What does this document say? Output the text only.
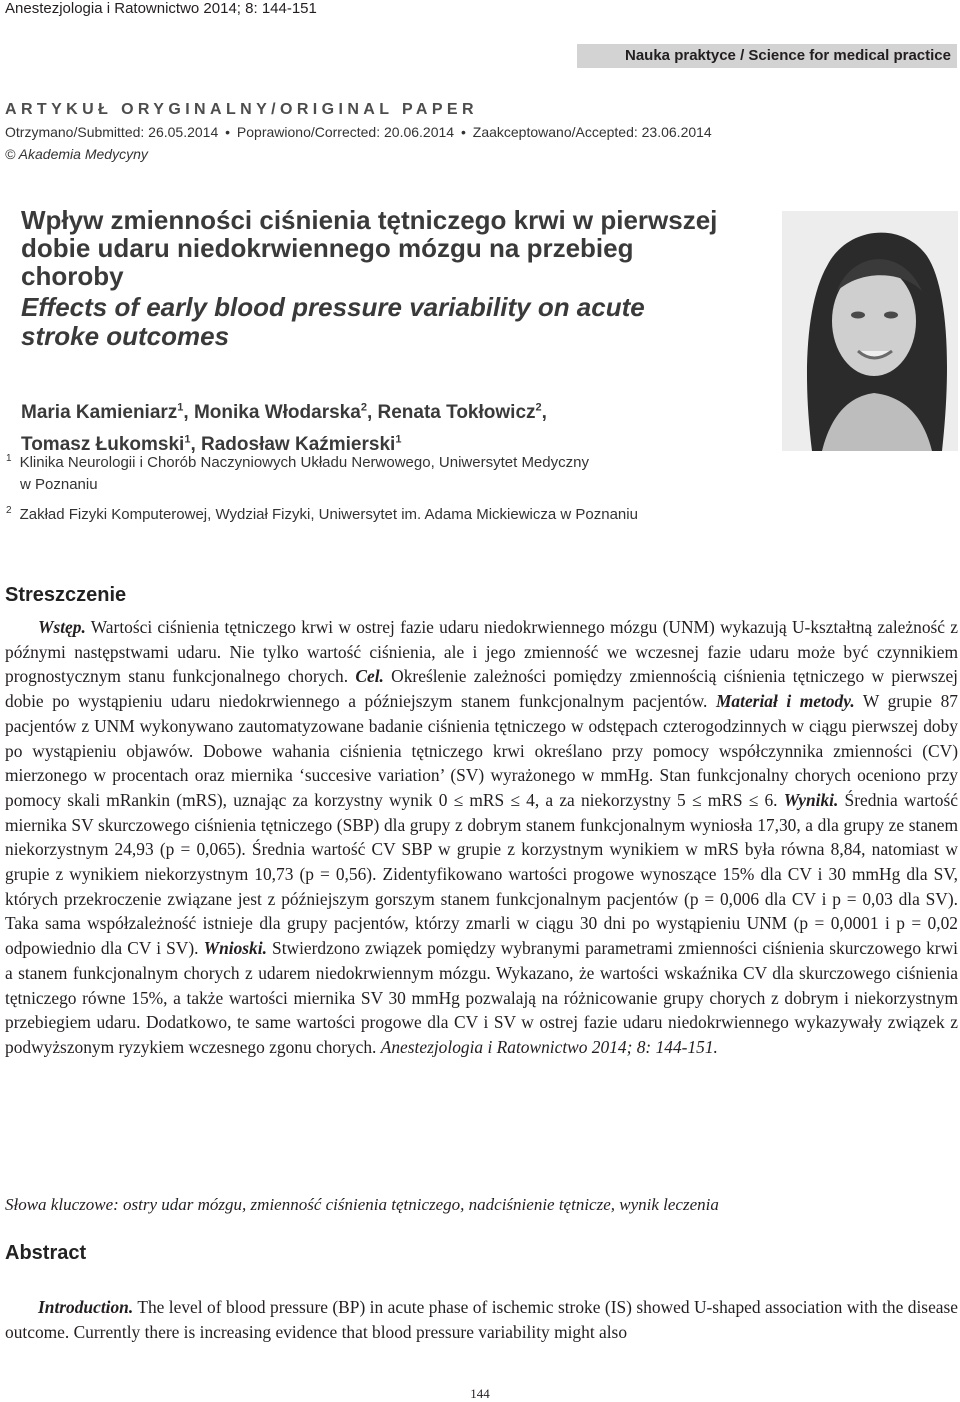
Anestezjologia i Ratownictwo 2014; 8: 144-151
Nauka praktyce / Science for medical practice
ARTYKUŁ ORYGINALNY/ORIGINAL PAPER
Otrzymano/Submitted: 26.05.2014 • Poprawiono/Corrected: 20.06.2014 • Zaakceptowano/Accepted: 23.06.2014
© Akademia Medycyny
Wpływ zmienności ciśnienia tętniczego krwi w pierwszej dobie udaru niedokrwiennego mózgu na przebieg choroby
Effects of early blood pressure variability on acute stroke outcomes
Maria Kamieniarz$^1$, Monika Włodarska$^2$, Renata Tokłowicz$^2$,
Tomasz Łukomski$^1$, Radosław Kaźmierski$^1$
$^1$ Klinika Neurologii i Chorób Naczyniowych Układu Nerwowego, Uniwersytet Medyczny
w Poznaniu
$^2$ Zakład Fizyki Komputerowej, Wydział Fizyki, Uniwersytet im. Adama Mickiewicza w Poznaniu
Streszczenie
Wstęp. Wartości ciśnienia tętniczego krwi w ostrej fazie udaru niedokrwiennego mózgu (UNM) wykazują U-kształtną zależność z późnymi następstwami udaru. Nie tylko wartość ciśnienia, ale i jego zmienność we wczesnej fazie udaru może być czynnikiem prognostycznym stanu funkcjonalnego chorych. Cel. Określenie zależności pomiędzy zmiennością ciśnienia tętniczego w pierwszej dobie po wystąpieniu udaru niedokrwiennego a późniejszym stanem funkcjonalnym pacjentów. Materiał i metody. W grupie 87 pacjentów z UNM wykonywano zautomatyzowane badanie ciśnienia tętniczego w odstępach czterogodzinnych w ciągu pierwszej doby po wystąpieniu objawów. Dobowe wahania ciśnienia tętniczego krwi określano przy pomocy współczynnika zmienności (CV) mierzonego w procentach oraz miernika ‘succesive variation’ (SV) wyrażonego w mmHg. Stan funkcjonalny chorych oceniono przy pomocy skali mRankin (mRS), uznając za korzystny wynik 0 ≤ mRS ≤ 4, a za niekorzystny 5 ≤ mRS ≤ 6. Wyniki. Średnia wartość miernika SV skurczowego ciśnienia tętniczego (SBP) dla grupy z dobrym stanem funkcjonalnym wyniosła 17,30, a dla grupy ze stanem niekorzystnym 24,93 (p = 0,065). Średnia wartość CV SBP w grupie z korzystnym wynikiem w mRS była równa 8,84, natomiast w grupie z wynikiem niekorzystnym 10,73 (p = 0,56). Zidentyfikowano wartości progowe wynoszące 15% dla CV i 30 mmHg dla SV, których przekroczenie związane jest z późniejszym gorszym stanem funkcjonalnym pacjentów (p = 0,006 dla CV i p = 0,03 dla SV). Taka sama współzależność istnieje dla grupy pacjentów, którzy zmarli w ciągu 30 dni po wystąpieniu UNM (p = 0,0001 i p = 0,02 odpowiednio dla CV i SV). Wnioski. Stwierdzono związek pomiędzy wybranymi parametrami zmienności ciśnienia skurczowego krwi a stanem funkcjonalnym chorych z udarem niedokrwiennym mózgu. Wykazano, że wartości wskaźnika CV dla skurczowego ciśnienia tętniczego równe 15%, a także wartości miernika SV 30 mmHg pozwalają na różnicowanie grupy chorych z dobrym i niekorzystnym przebiegiem udaru. Dodatkowo, te same wartości progowe dla CV i SV w ostrej fazie udaru niedokrwiennego wykazywały związek z podwyższonym ryzykiem wczesnego zgonu chorych. Anestezjologia i Ratownictwo 2014; 8: 144-151.
Słowa kluczowe: ostry udar mózgu, zmienność ciśnienia tętniczego, nadciśnienie tętnicze, wynik leczenia
Abstract
Introduction. The level of blood pressure (BP) in acute phase of ischemic stroke (IS) showed U-shaped association with the disease outcome. Currently there is increasing evidence that blood pressure variability might also
144
